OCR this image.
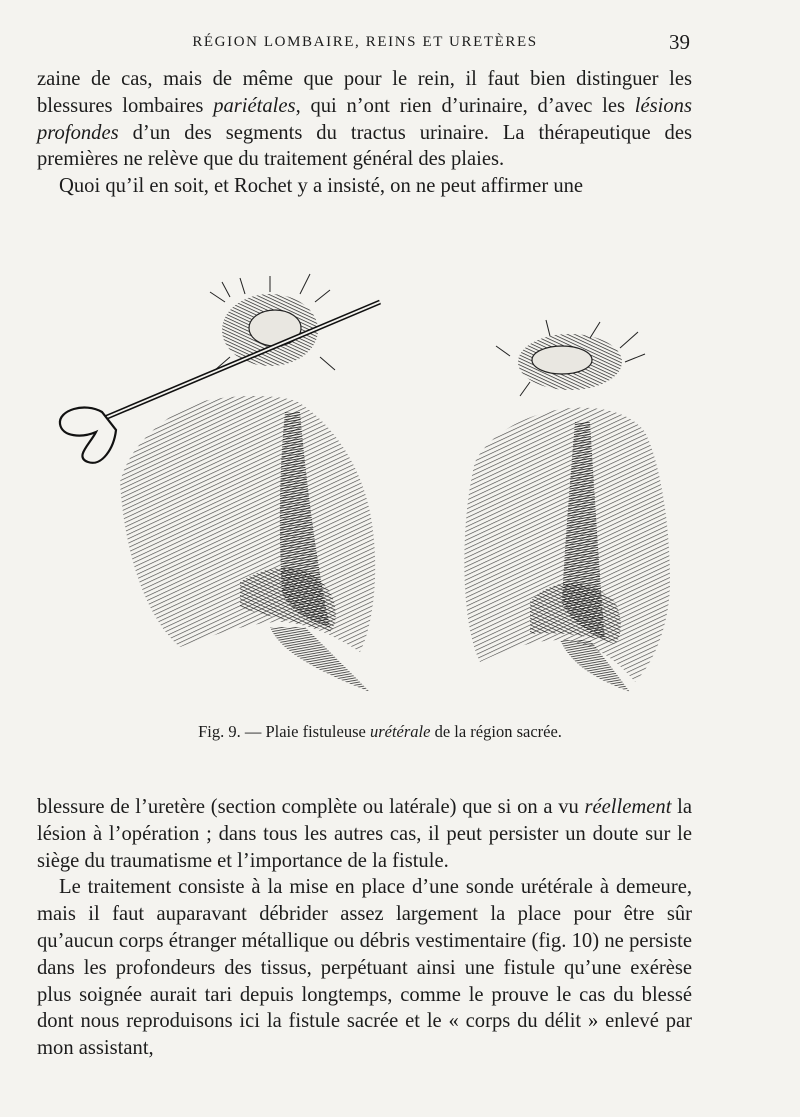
RÉGION LOMBAIRE, REINS ET URETÈRES	39

zaine de cas, mais de même que pour le rein, il faut bien distinguer les blessures lombaires pariétales, qui n’ont rien d’urinaire, d’avec les lésions profondes d’un des segments du tractus urinaire. La thérapeutique des premières ne relève que du traitement général des plaies.

Quoi qu’il en soit, et Rochet y a insisté, on ne peut affirmer une

Fig. 9. — Plaie fistuleuse urétérale de la région sacrée.

blessure de l’uretère (section complète ou latérale) que si on a vu réellement la lésion à l’opération ; dans tous les autres cas, il peut persister un doute sur le siège du traumatisme et l’importance de la fistule.

Le traitement consiste à la mise en place d’une sonde urétérale à demeure, mais il faut auparavant débrider assez largement la place pour être sûr qu’aucun corps étranger métallique ou débris vestimentaire (fig. 10) ne persiste dans les profondeurs des tissus, perpétuant ainsi une fistule qu’une exérèse plus soignée aurait tari depuis longtemps, comme le prouve le cas du blessé dont nous reproduisons ici la fistule sacrée et le « corps du délit » enlevé par mon assistant,
